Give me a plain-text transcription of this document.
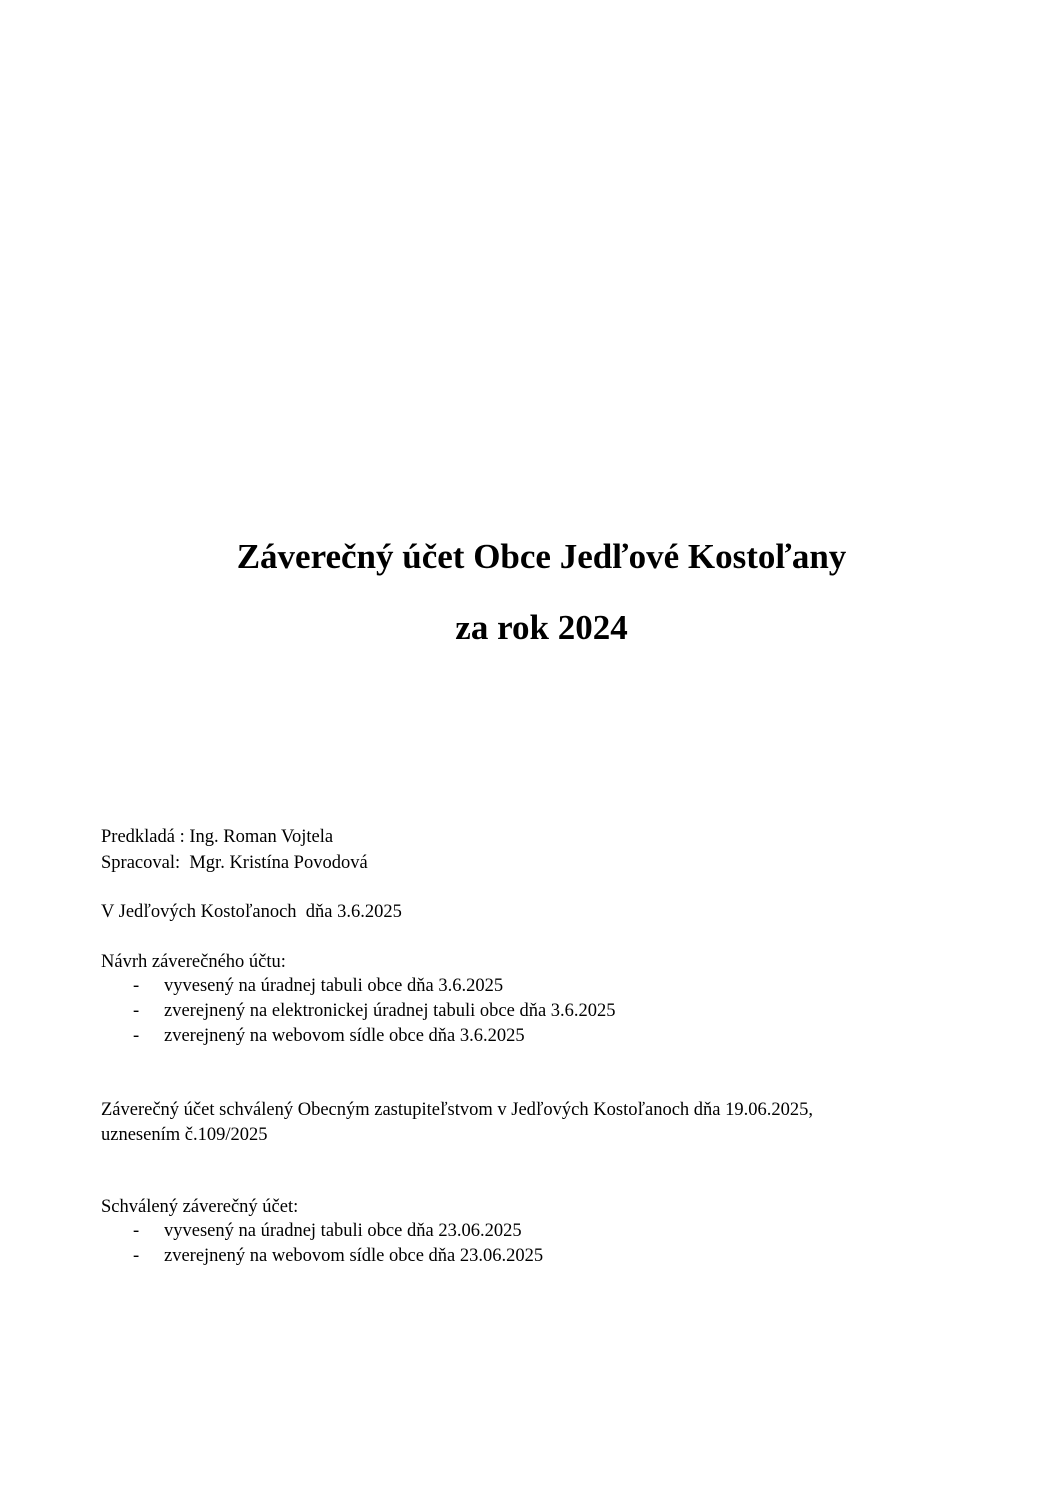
Záverečný účet Obce Jedľové Kostoľany
za rok 2024
Predkladá : Ing. Roman Vojtela
Spracoval:  Mgr. Kristína Povodová
V Jedľových Kostoľanoch  dňa 3.6.2025
Návrh záverečného účtu:
- vyvesený na úradnej tabuli obce dňa 3.6.2025
- zverejnený na elektronickej úradnej tabuli obce dňa 3.6.2025
- zverejnený na webovom sídle obce dňa 3.6.2025
Záverečný účet schválený Obecným zastupiteľstvom v Jedľových Kostoľanoch dňa 19.06.2025,
uznesením č.109/2025
Schválený záverečný účet:
- vyvesený na úradnej tabuli obce dňa 23.06.2025
- zverejnený na webovom sídle obce dňa 23.06.2025
